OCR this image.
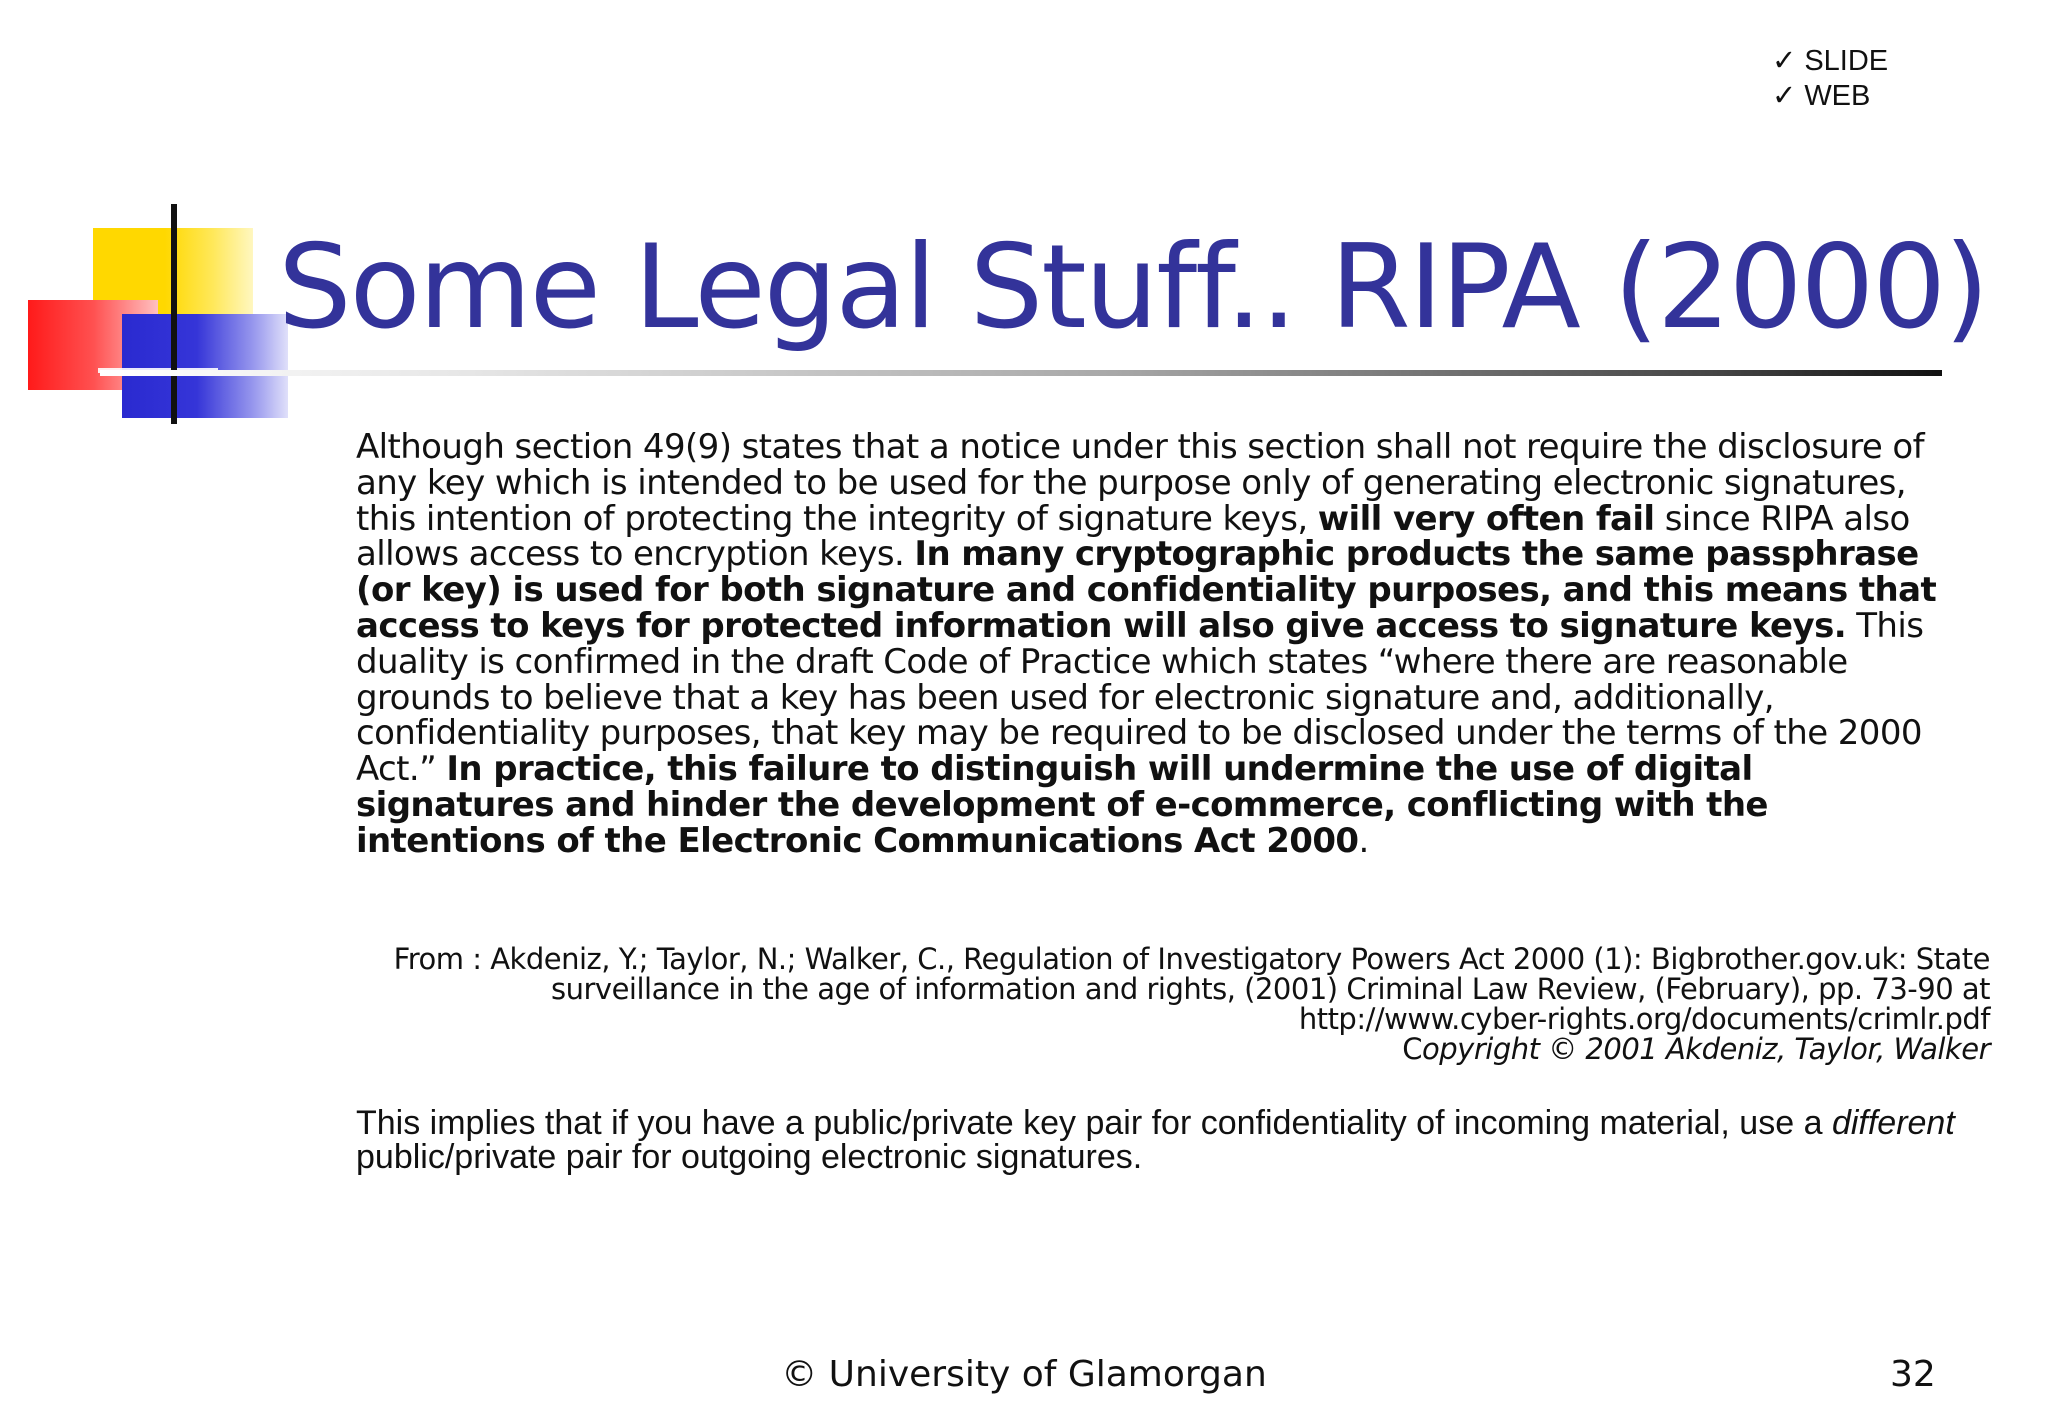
✓ SLIDE
✓ WEB
Some Legal Stuff.. RIPA (2000)
Although section 49(9) states that a notice under this section shall not require the disclosure of any key which is intended to be used for the purpose only of generating electronic signatures, this intention of protecting the integrity of signature keys, will very often fail since RIPA also allows access to encryption keys. In many cryptographic products the same passphrase (or key) is used for both signature and confidentiality purposes, and this means that access to keys for protected information will also give access to signature keys. This duality is confirmed in the draft Code of Practice which states “where there are reasonable grounds to believe that a key has been used for electronic signature and, additionally, confidentiality purposes, that key may be required to be disclosed under the terms of the 2000 Act.” In practice, this failure to distinguish will undermine the use of digital signatures and hinder the development of e-commerce, conflicting with the intentions of the Electronic Communications Act 2000.
From : Akdeniz, Y.; Taylor, N.; Walker, C., Regulation of Investigatory Powers Act 2000 (1): Bigbrother.gov.uk: State
surveillance in the age of information and rights, (2001) Criminal Law Review, (February), pp. 73-90 at
http://www.cyber-rights.org/documents/crimlr.pdf
Copyright © 2001 Akdeniz, Taylor, Walker
This implies that if you have a public/private key pair for confidentiality of incoming material, use a different public/private pair for outgoing electronic signatures.
© University of Glamorgan	32
